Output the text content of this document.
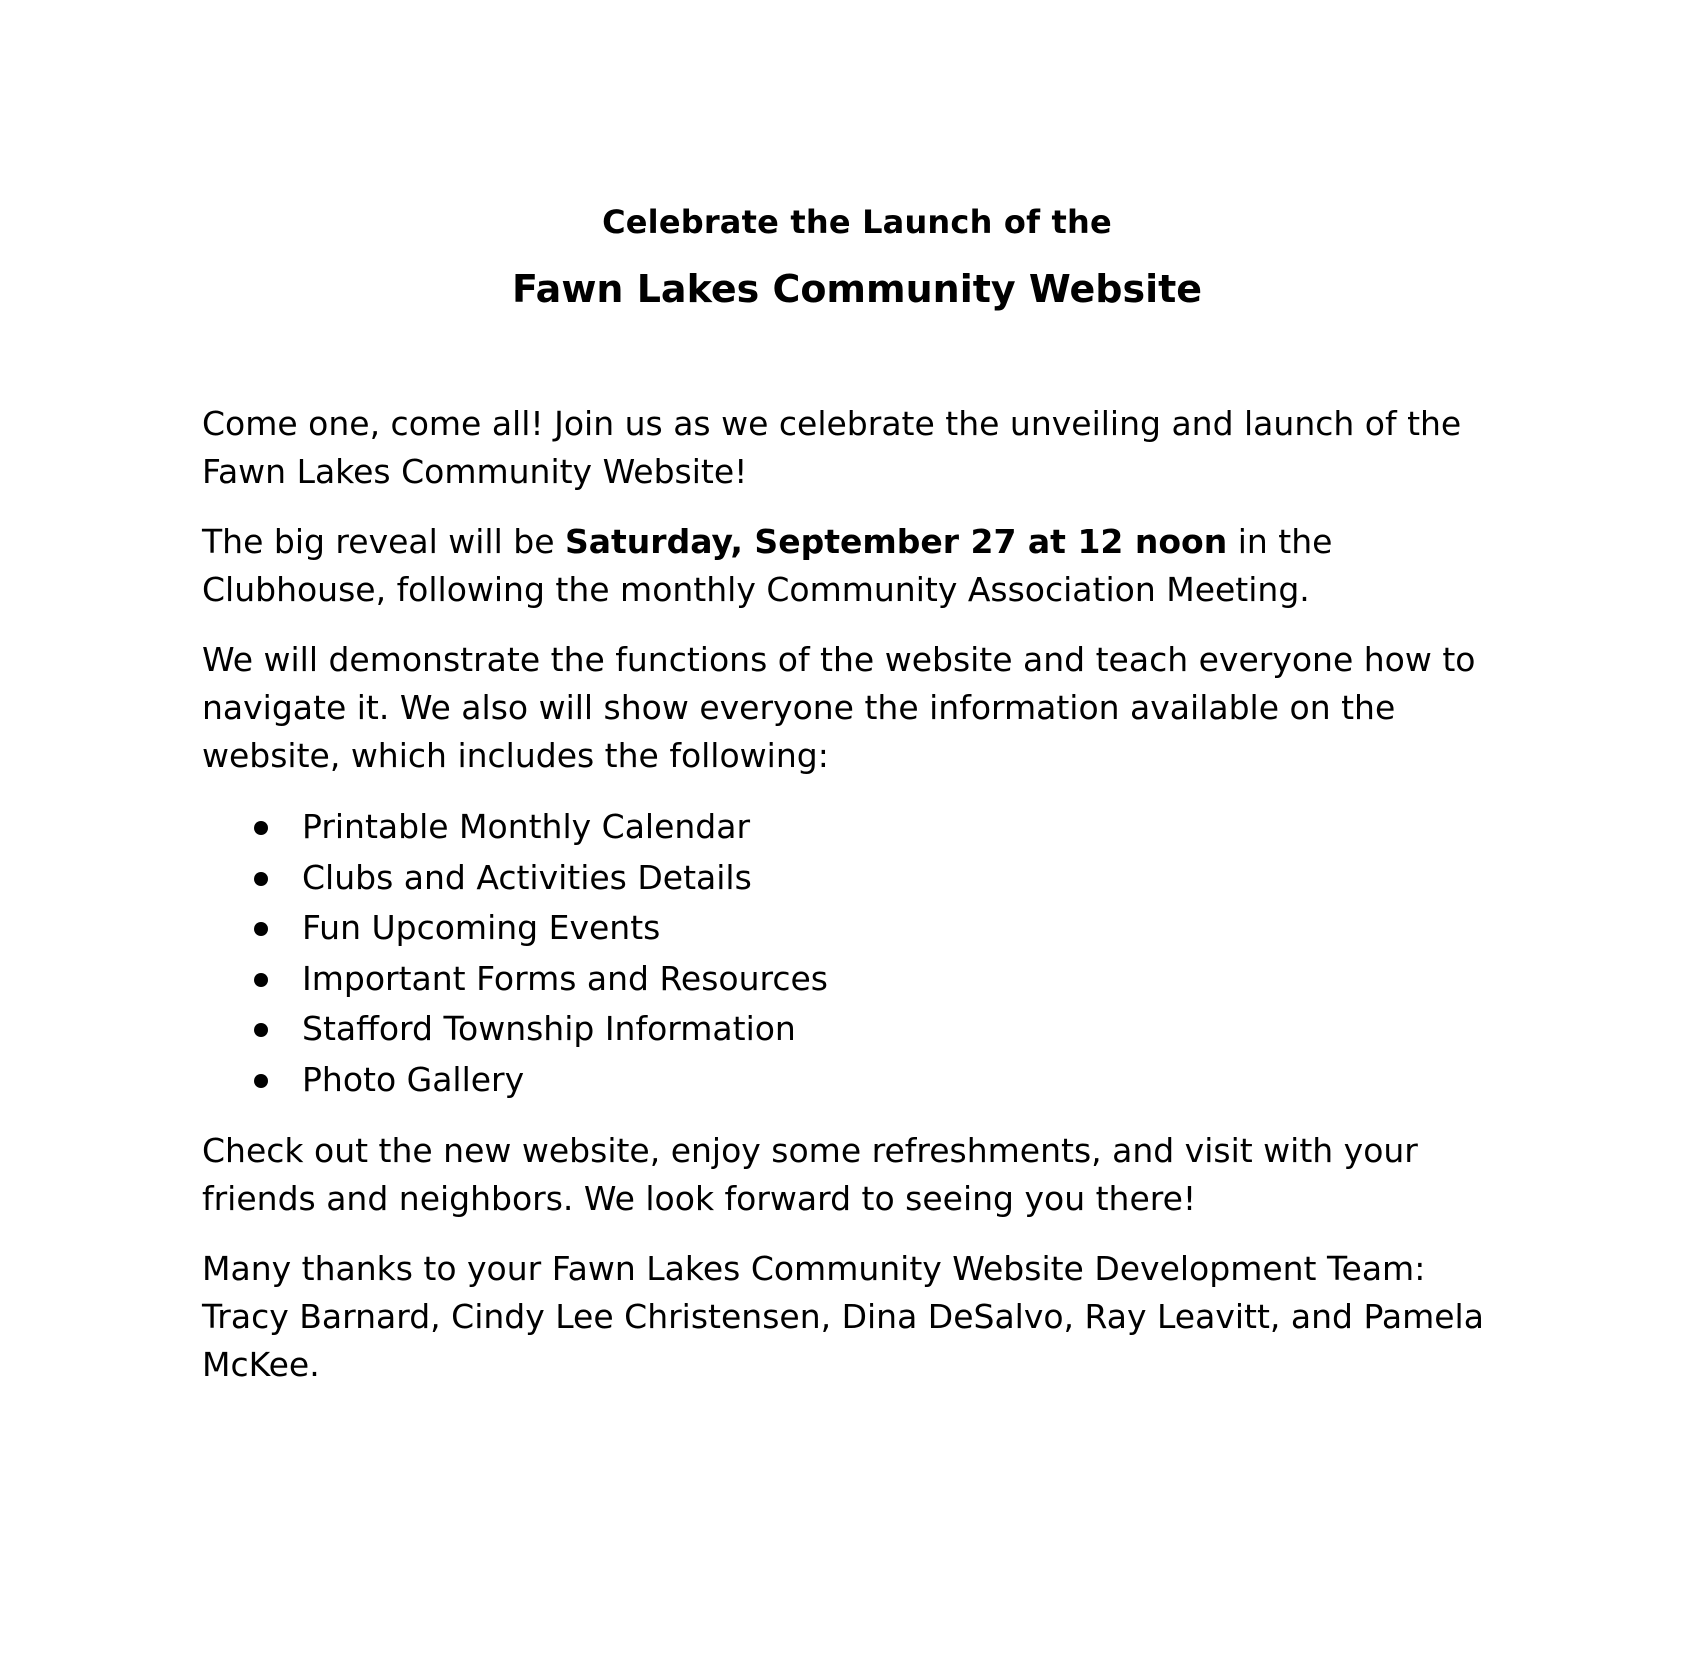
Celebrate the Launch of the
Fawn Lakes Community Website

Come one, come all! Join us as we celebrate the unveiling and launch of the Fawn Lakes Community Website!

The big reveal will be Saturday, September 27 at 12 noon in the Clubhouse, following the monthly Community Association Meeting.

We will demonstrate the functions of the website and teach everyone how to navigate it. We also will show everyone the information available on the website, which includes the following:

Printable Monthly Calendar
Clubs and Activities Details
Fun Upcoming Events
Important Forms and Resources
Stafford Township Information
Photo Gallery

Check out the new website, enjoy some refreshments, and visit with your friends and neighbors. We look forward to seeing you there!

Many thanks to your Fawn Lakes Community Website Development Team: Tracy Barnard, Cindy Lee Christensen, Dina DeSalvo, Ray Leavitt, and Pamela McKee.
